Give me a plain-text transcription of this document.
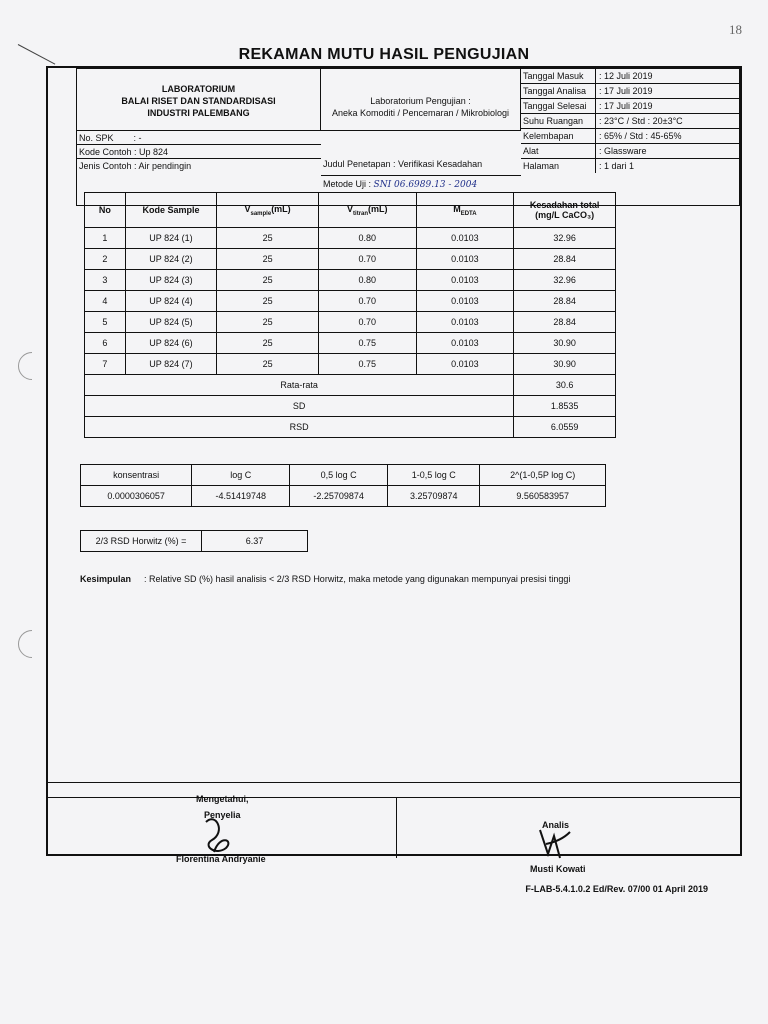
18
REKAMAN MUTU HASIL PENGUJIAN
LABORATORIUM
BALAI RISET DAN STANDARDISASI
INDUSTRI PALEMBANG
Laboratorium Pengujian :
Aneka Komoditi / Pencemaran / Mikrobiologi
Tanggal Masuk	: 12 Juli 2019
Tanggal Analisa	: 17 Juli 2019
Tanggal Selesai	: 17 Juli 2019
Suhu Ruangan	: 23°C / Std : 20±3°C
Kelembapan	: 65% / Std : 45-65%
Alat	: Glassware
Halaman	: 1 dari 1
No. SPK
: -
Kode Contoh : Up 824
Jenis Contoh : Air pendingin	Judul Penetapan : Verifikasi Kesadahan
Metode Uji : SNI 06.6989.13 - 2004
No	Kode Sample	$V_{sample}(mL)$	$V_{titran}(mL)$	$M_{EDTA}$	Kesadahan total
(mg/L CaCO₃)

1	UP 824 (1)	25	0.80	0.0103	32.96
2	UP 824 (2)	25	0.70	0.0103	28.84
3	UP 824 (3)	25	0.80	0.0103	32.96
4	UP 824 (4)	25	0.70	0.0103	28.84
5	UP 824 (5)	25	0.70	0.0103	28.84
6	UP 824 (6)	25	0.75	0.0103	30.90
7	UP 824 (7)	25	0.75	0.0103	30.90
Rata-rata					30.6
SD					1.8535
RSD					6.0559
konsentrasi	log C	0,5 log C	1-0,5 log C	2^(1-0,5P log C)
0.0000306057	-4.51419748	-2.25709874	3.25709874	9.560583957
2/3 RSD Horwitz (%) =	6.37
Kesimpulan : Relative SD (%) hasil analisis < 2/3 RSD Horwitz, maka metode yang digunakan mempunyai presisi tinggi
Mengetahui,
Penyelia
Florentina Andryanie
Analis
Musti Kowati
F-LAB-5.4.1.0.2 Ed/Rev. 07/00 01 April 2019
